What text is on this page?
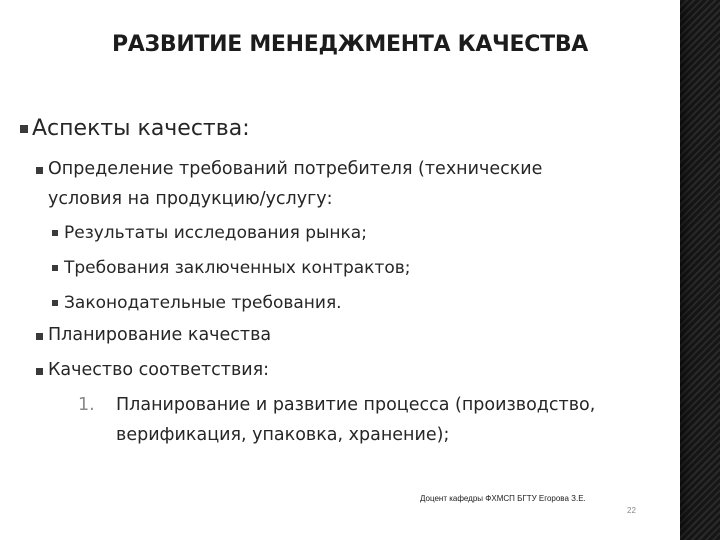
РАЗВИТИЕ МЕНЕДЖМЕНТА КАЧЕСТВА
Аспекты качества:
Определение требований потребителя (технические
условия на продукцию/услугу:
Результаты исследования рынка;
Требования заключенных контрактов;
Законодательные требования.
Планирование качества
Качество соответствия:
1. Планирование и развитие процесса (производство,
верификация, упаковка, хранение);
Доцент кафедры ФХМСП БГТУ Егорова З.Е.
22
